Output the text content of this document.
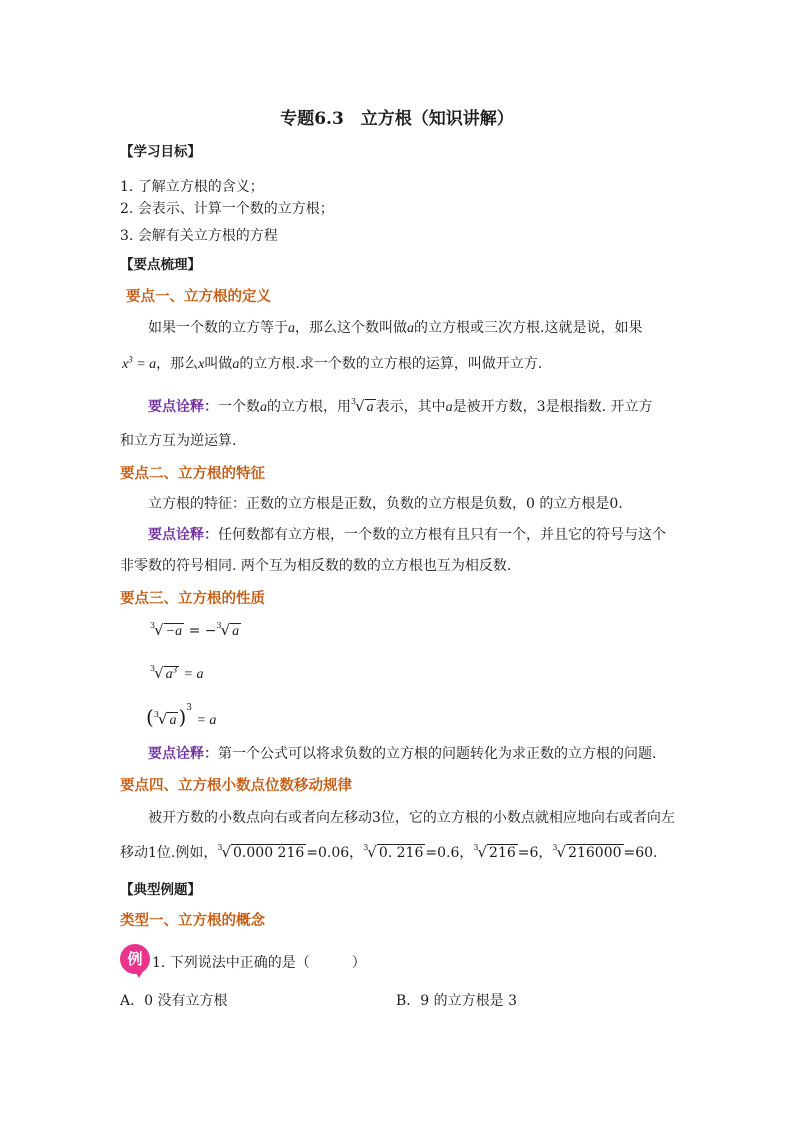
专题6.3　立方根（知识讲解）
【学习目标】
1. 了解立方根的含义；
2. 会表示、计算一个数的立方根；
3. 会解有关立方根的方程
【要点梳理】
要点一、立方根的定义
如果一个数的立方等于a，那么这个数叫做a的立方根或三次方根.这就是说，如果
$x^3 = a$，那么x叫做a的立方根.求一个数的立方根的运算，叫做开立方.
要点诠释：一个数a的立方根，用$^3$√ a 表示，其中a是被开方数，3是根指数. 开立方
和立方互为逆运算.
要点二、立方根的特征
立方根的特征：正数的立方根是正数，负数的立方根是负数，0 的立方根是0.
要点诠释：任何数都有立方根，一个数的立方根有且只有一个，并且它的符号与这个
非零数的符号相同. 两个互为相反数的数的立方根也互为相反数.
要点三、立方根的性质
$^3$√ −a = −$^3$√ a
$^3$√ $a^3 = a$
($^3$√ a )$^3$ = a
要点诠释：第一个公式可以将求负数的立方根的问题转化为求正数的立方根的问题.
要点四、立方根小数点位数移动规律
被开方数的小数点向右或者向左移动3位，它的立方根的小数点就相应地向右或者向左
移动1位.例如，$^3$√ 0.000 216 =0.06，$^3$√ 0. 216 =0.6，$^3$√ 216 =6，$^3$√ 216000 =60.
【典型例题】
类型一、立方根的概念
例 1. 下列说法中正确的是（　　　）
A．0 没有立方根	B．9 的立方根是 3
